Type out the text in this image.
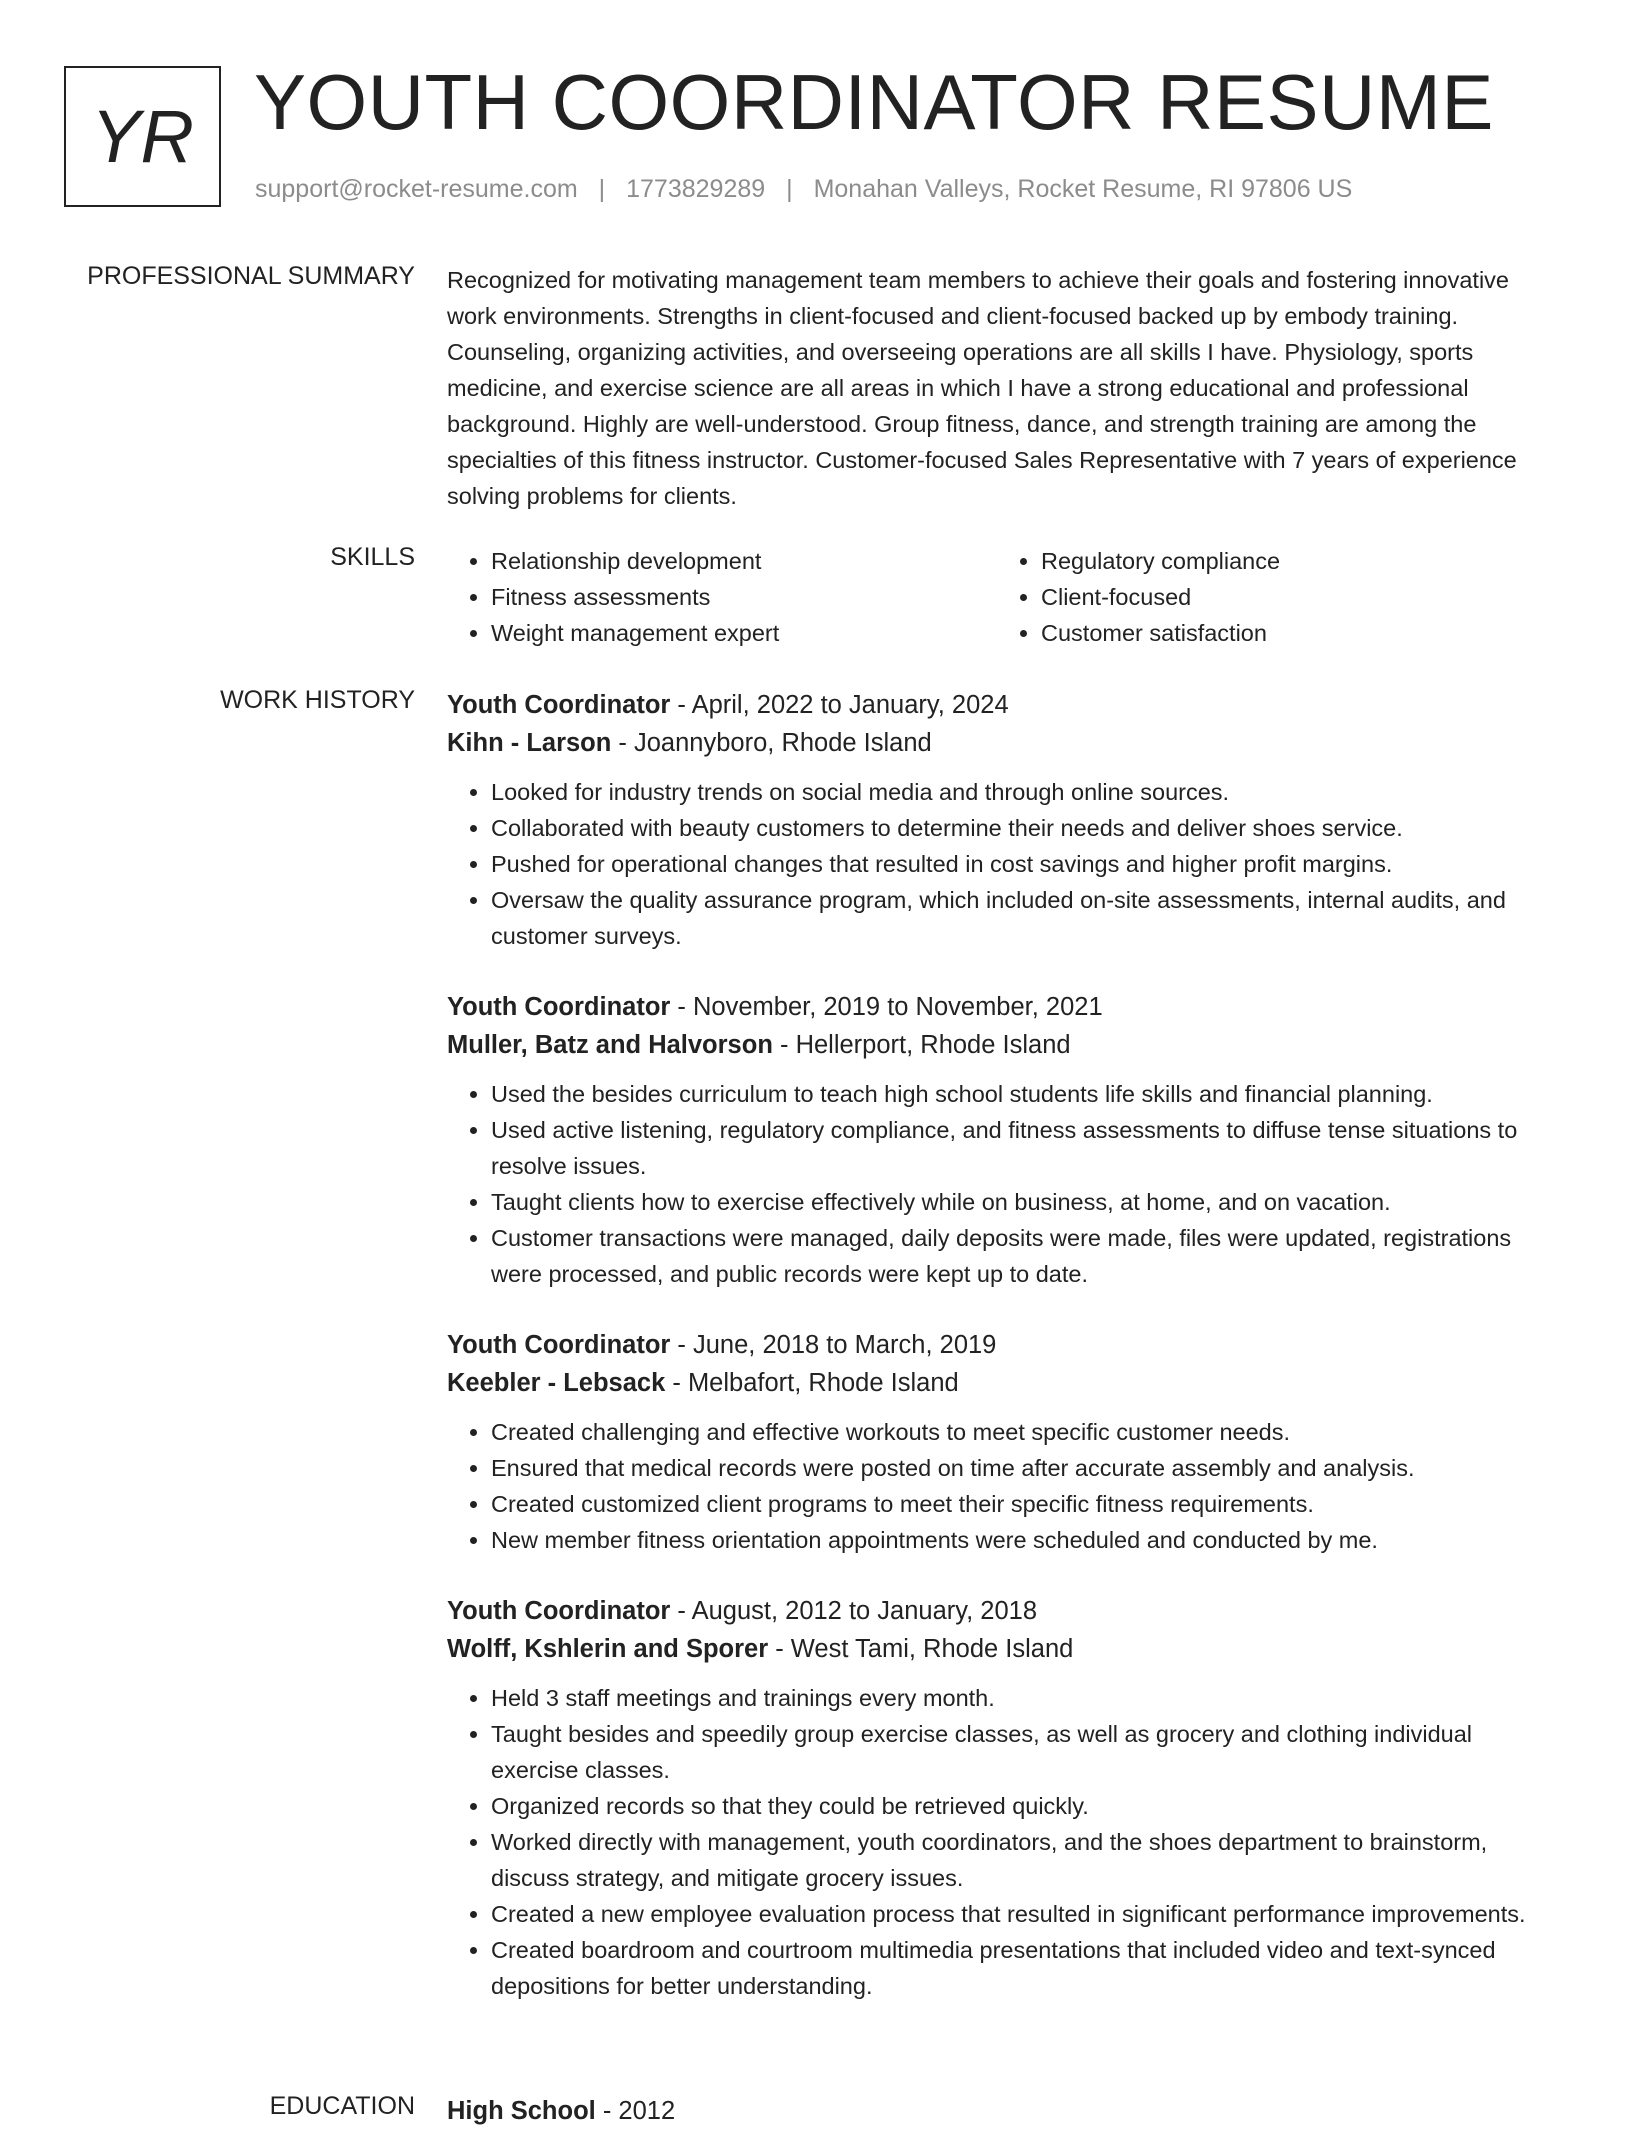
YR YOUTH COORDINATOR RESUME
support@rocket-resume.com | 1773829289 | Monahan Valleys, Rocket Resume, RI 97806 US
PROFESSIONAL SUMMARY Recognized for motivating management team members to achieve their goals and fostering innovative work environments. Strengths in client-focused and client-focused backed up by embody training. Counseling, organizing activities, and overseeing operations are all skills I have. Physiology, sports medicine, and exercise science are all areas in which I have a strong educational and professional background. Highly are well-understood. Group fitness, dance, and strength training are among the specialties of this fitness instructor. Customer-focused Sales Representative with 7 years of experience solving problems for clients.

SKILLS
•	Relationship development
• Fitness assessments
• Weight management expert
• Regulatory compliance
• Client-focused
• Customer satisfaction
WORK HISTORY Youth Coordinator - April, 2022 to January, 2024
Kihn - Larson - Joannyboro, Rhode Island
• Looked for industry trends on social media and through online sources.
• Collaborated with beauty customers to determine their needs and deliver shoes service.
• Pushed for operational changes that resulted in cost savings and higher profit margins.
• Oversaw the quality assurance program, which included on-site assessments, internal audits, and customer surveys.
Youth Coordinator - November, 2019 to November, 2021
Muller, Batz and Halvorson - Hellerport, Rhode Island
• Used the besides curriculum to teach high school students life skills and financial planning.
• Used active listening, regulatory compliance, and fitness assessments to diffuse tense situations to resolve issues.
• Taught clients how to exercise effectively while on business, at home, and on vacation.
• Customer transactions were managed, daily deposits were made, files were updated, registrations were processed, and public records were kept up to date.
Youth Coordinator - June, 2018 to March, 2019
Keebler - Lebsack - Melbafort, Rhode Island
• Created challenging and effective workouts to meet specific customer needs.
• Ensured that medical records were posted on time after accurate assembly and analysis.
• Created customized client programs to meet their specific fitness requirements.
• New member fitness orientation appointments were scheduled and conducted by me.
Youth Coordinator - August, 2012 to January, 2018
Wolff, Kshlerin and Sporer - West Tami, Rhode Island
• Held 3 staff meetings and trainings every month.
• Taught besides and speedily group exercise classes, as well as grocery and clothing individual exercise classes.
• Organized records so that they could be retrieved quickly.
• Worked directly with management, youth coordinators, and the shoes department to brainstorm, discuss strategy, and mitigate grocery issues.
• Created a new employee evaluation process that resulted in significant performance improvements.
• Created boardroom and courtroom multimedia presentations that included video and text-synced depositions for better understanding.
EDUCATION High School - 2012
